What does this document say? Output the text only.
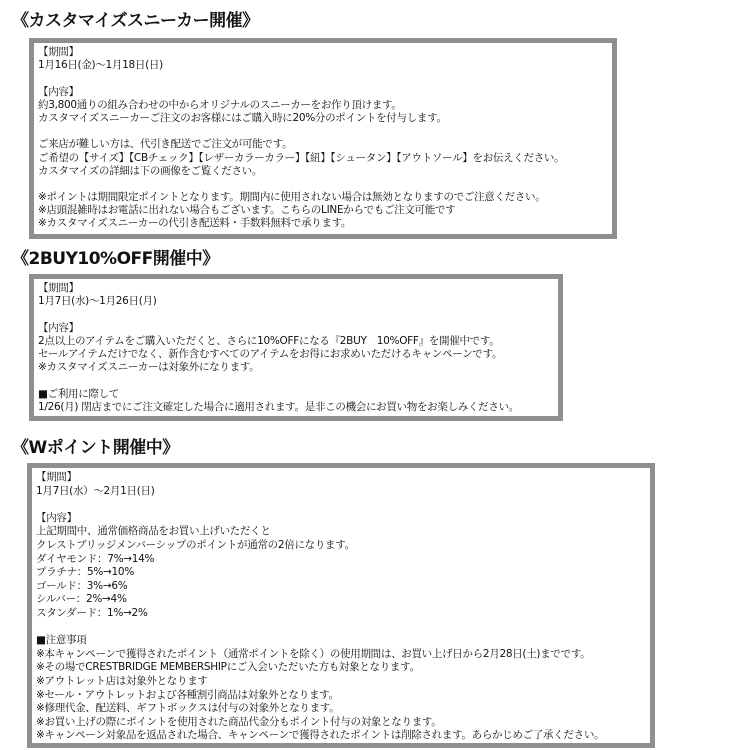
《カスタマイズスニーカー開催》
【期間】
1月16日(金)〜1月18日(日)
【内容】
約3,800通りの組み合わせの中からオリジナルのスニーカーをお作り頂けます。
カスタマイズスニーカーご注文のお客様にはご購入時に20%分のポイントを付与します。
ご来店が難しい方は、代引き配送でご注文が可能です。
ご希望の【サイズ】【CBチェック】【レザーカラーカラー】【紐】【シュータン】【アウトソール】をお伝えください。
カスタマイズの詳細は下の画像をご覧ください。
※ポイントは期間限定ポイントとなります。期間内に使用されない場合は無効となりますのでご注意ください。
※店頭混雑時はお電話に出れない場合もございます。こちらのLINEからでもご注文可能です
※カスタマイズスニーカーの代引き配送料・手数料無料で承ります。
《2BUY10%OFF開催中》
【期間】
1月7日(水)〜1月26日(月)
【内容】
2点以上のアイテムをご購入いただくと、さらに10%OFFになる『2BUY　10%OFF』を開催中です。
セールアイテムだけでなく、新作含むすべてのアイテムをお得にお求めいただけるキャンペーンです。
※カスタマイズスニーカーは対象外になります。
■ご利用に際して
1/26(月) 閉店までにご注文確定した場合に適用されます。是非この機会にお買い物をお楽しみください。
《Wポイント開催中》
【期間】
1月7日(水）〜2月1日(日)
【内容】
上記期間中、通常価格商品をお買い上げいただくと
クレストブリッジメンバーシップのポイントが通常の2倍になります。
ダイヤモンド：7%→14%
プラチナ：5%→10%
ゴールド：3%→6%
シルバー：2%→4%
スタンダード：1%→2%
■注意事項
※本キャンペーンで獲得されたポイント（通常ポイントを除く）の使用期間は、お買い上げ日から2月28日(土)までです。
※その場でCRESTBRIDGE MEMBERSHIPにご入会いただいた方も対象となります。
※アウトレット店は対象外となります
※セール・アウトレットおよび各種割引商品は対象外となります。
※修理代金、配送料、ギフトボックスは付与の対象外となります。
※お買い上げの際にポイントを使用された商品代金分もポイント付与の対象となります。
※キャンペーン対象品を返品された場合、キャンペーンで獲得されたポイントは削除されます。あらかじめご了承ください。
